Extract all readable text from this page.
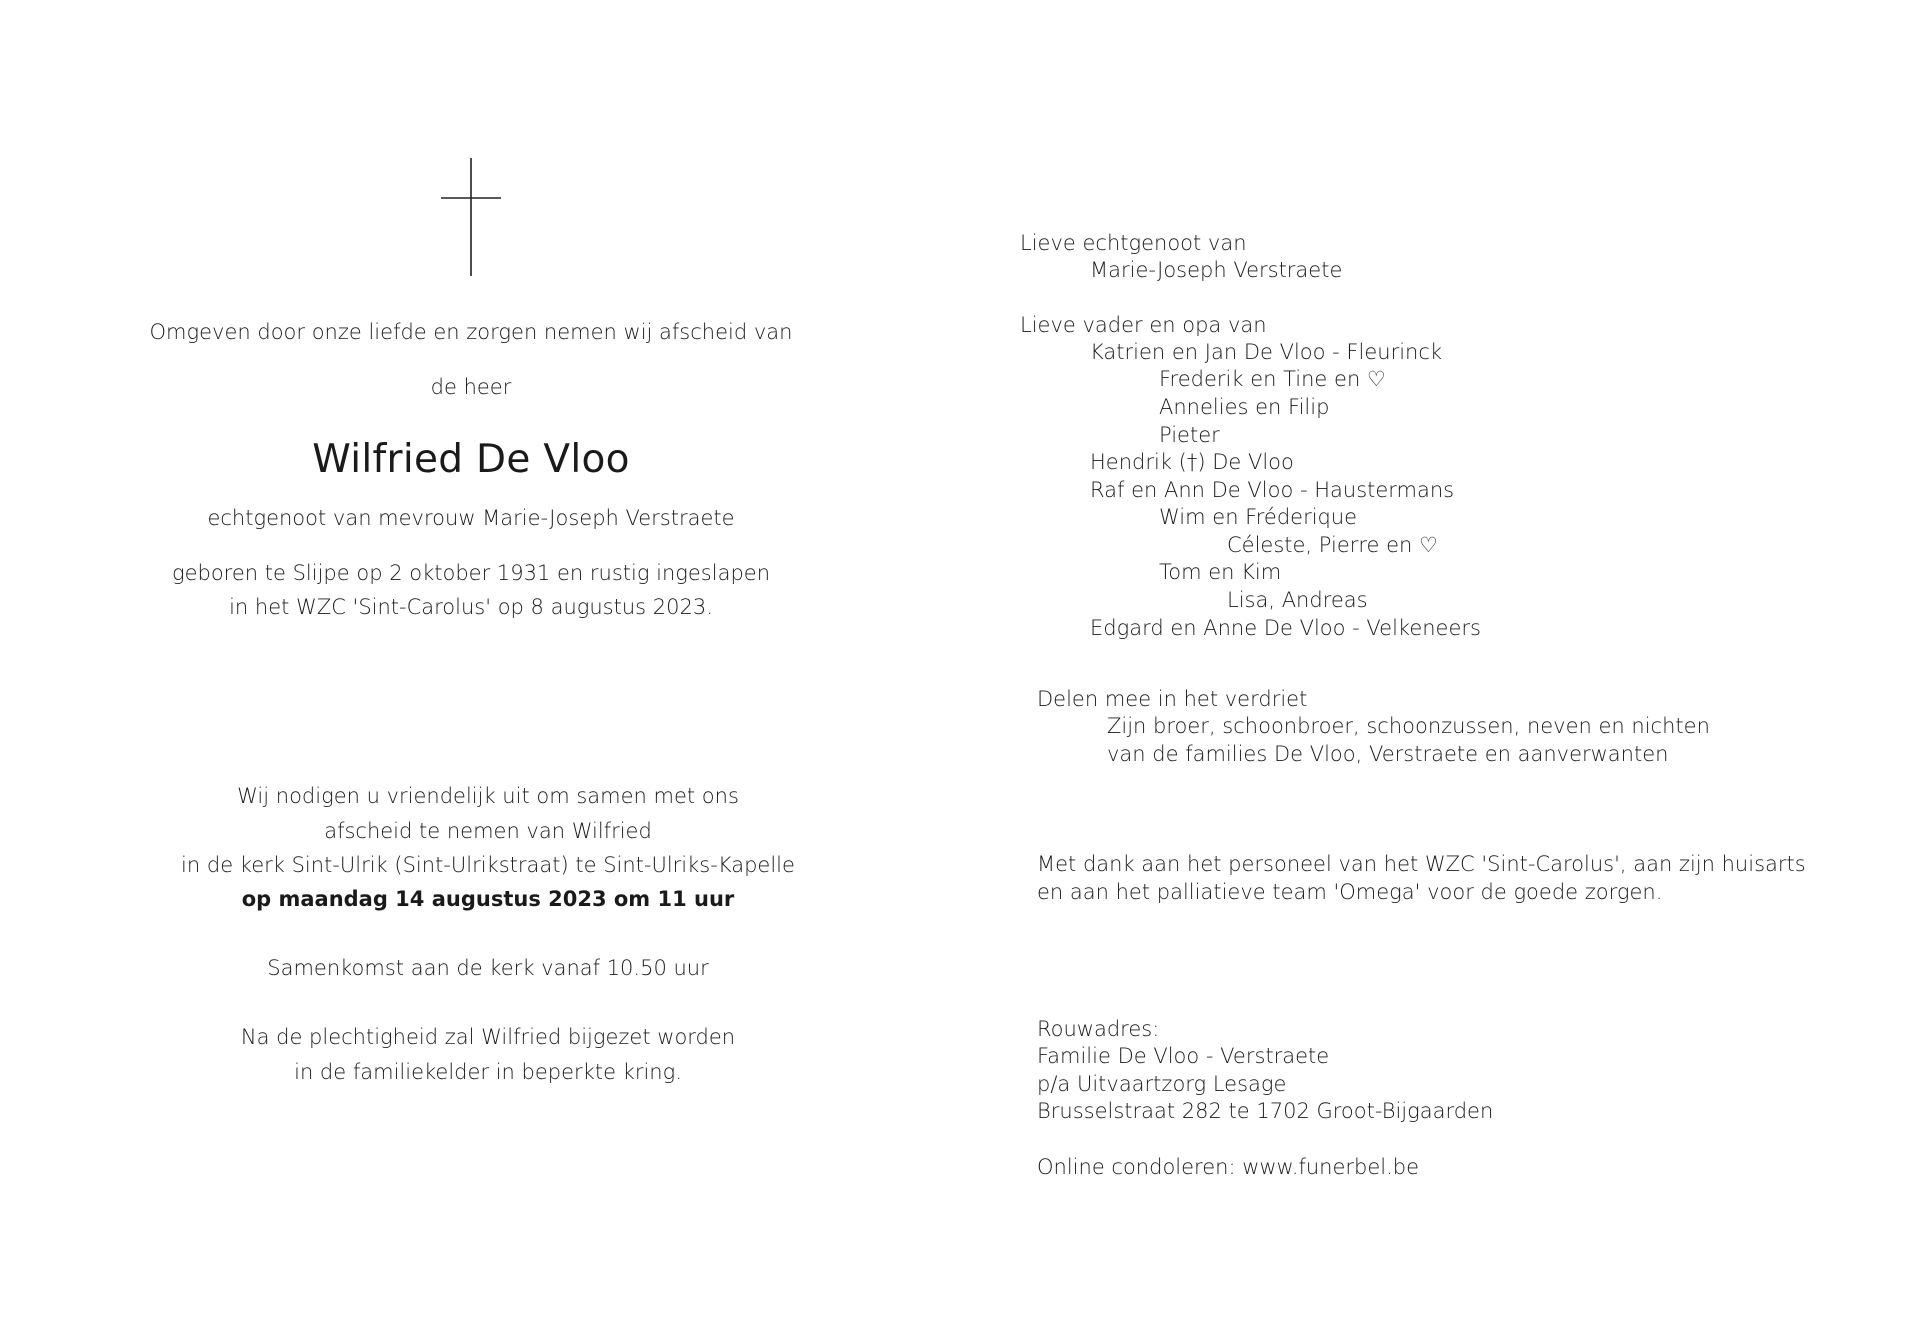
Omgeven door onze liefde en zorgen nemen wij afscheid van
de heer
Wilfried De Vloo
echtgenoot van mevrouw Marie-Joseph Verstraete
geboren te Slijpe op 2 oktober 1931 en rustig ingeslapen
in het WZC 'Sint-Carolus' op 8 augustus 2023.
Wij nodigen u vriendelijk uit om samen met ons
afscheid te nemen van Wilfried
in de kerk Sint-Ulrik (Sint-Ulrikstraat) te Sint-Ulriks-Kapelle
op maandag 14 augustus 2023 om 11 uur
Samenkomst aan de kerk vanaf 10.50 uur
Na de plechtigheid zal Wilfried bijgezet worden
in de familiekelder in beperkte kring.
Lieve echtgenoot van
Marie-Joseph Verstraete
Lieve vader en opa van
Katrien en Jan De Vloo - Fleurinck
Frederik en Tine en ♡
Annelies en Filip
Pieter
Hendrik (†) De Vloo
Raf en Ann De Vloo - Haustermans
Wim en Fréderique
Céleste, Pierre en ♡
Tom en Kim
Lisa, Andreas
Edgard en Anne De Vloo - Velkeneers
Delen mee in het verdriet
Zijn broer, schoonbroer, schoonzussen, neven en nichten
van de families De Vloo, Verstraete en aanverwanten
Met dank aan het personeel van het WZC 'Sint-Carolus', aan zijn huisarts
en aan het palliatieve team 'Omega' voor de goede zorgen.
Rouwadres:
Familie De Vloo - Verstraete
p/a Uitvaartzorg Lesage
Brusselstraat 282 te 1702 Groot-Bijgaarden
Online condoleren: www.funerbel.be
